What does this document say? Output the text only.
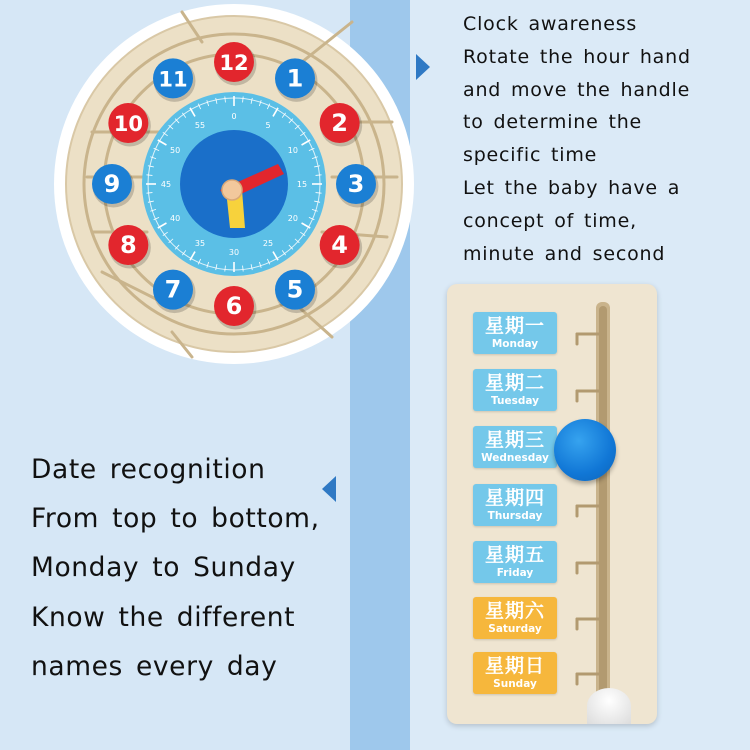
0
5
10
15
20
25
30
35
40
45
50
55
12
1
2
3
4
5
6
7
8
9
10
11
Clock awareness
Rotate the hour hand
and move the handle
to determine the
specific time
Let the baby have a
concept of time,
minute and second
Date recognition
From top to bottom,
Monday to Sunday
Know the different
names every day
星期一
Monday
星期二
Tuesday
星期三
Wednesday
星期四
Thursday
星期五
Friday
星期六
Saturday
星期日
Sunday
